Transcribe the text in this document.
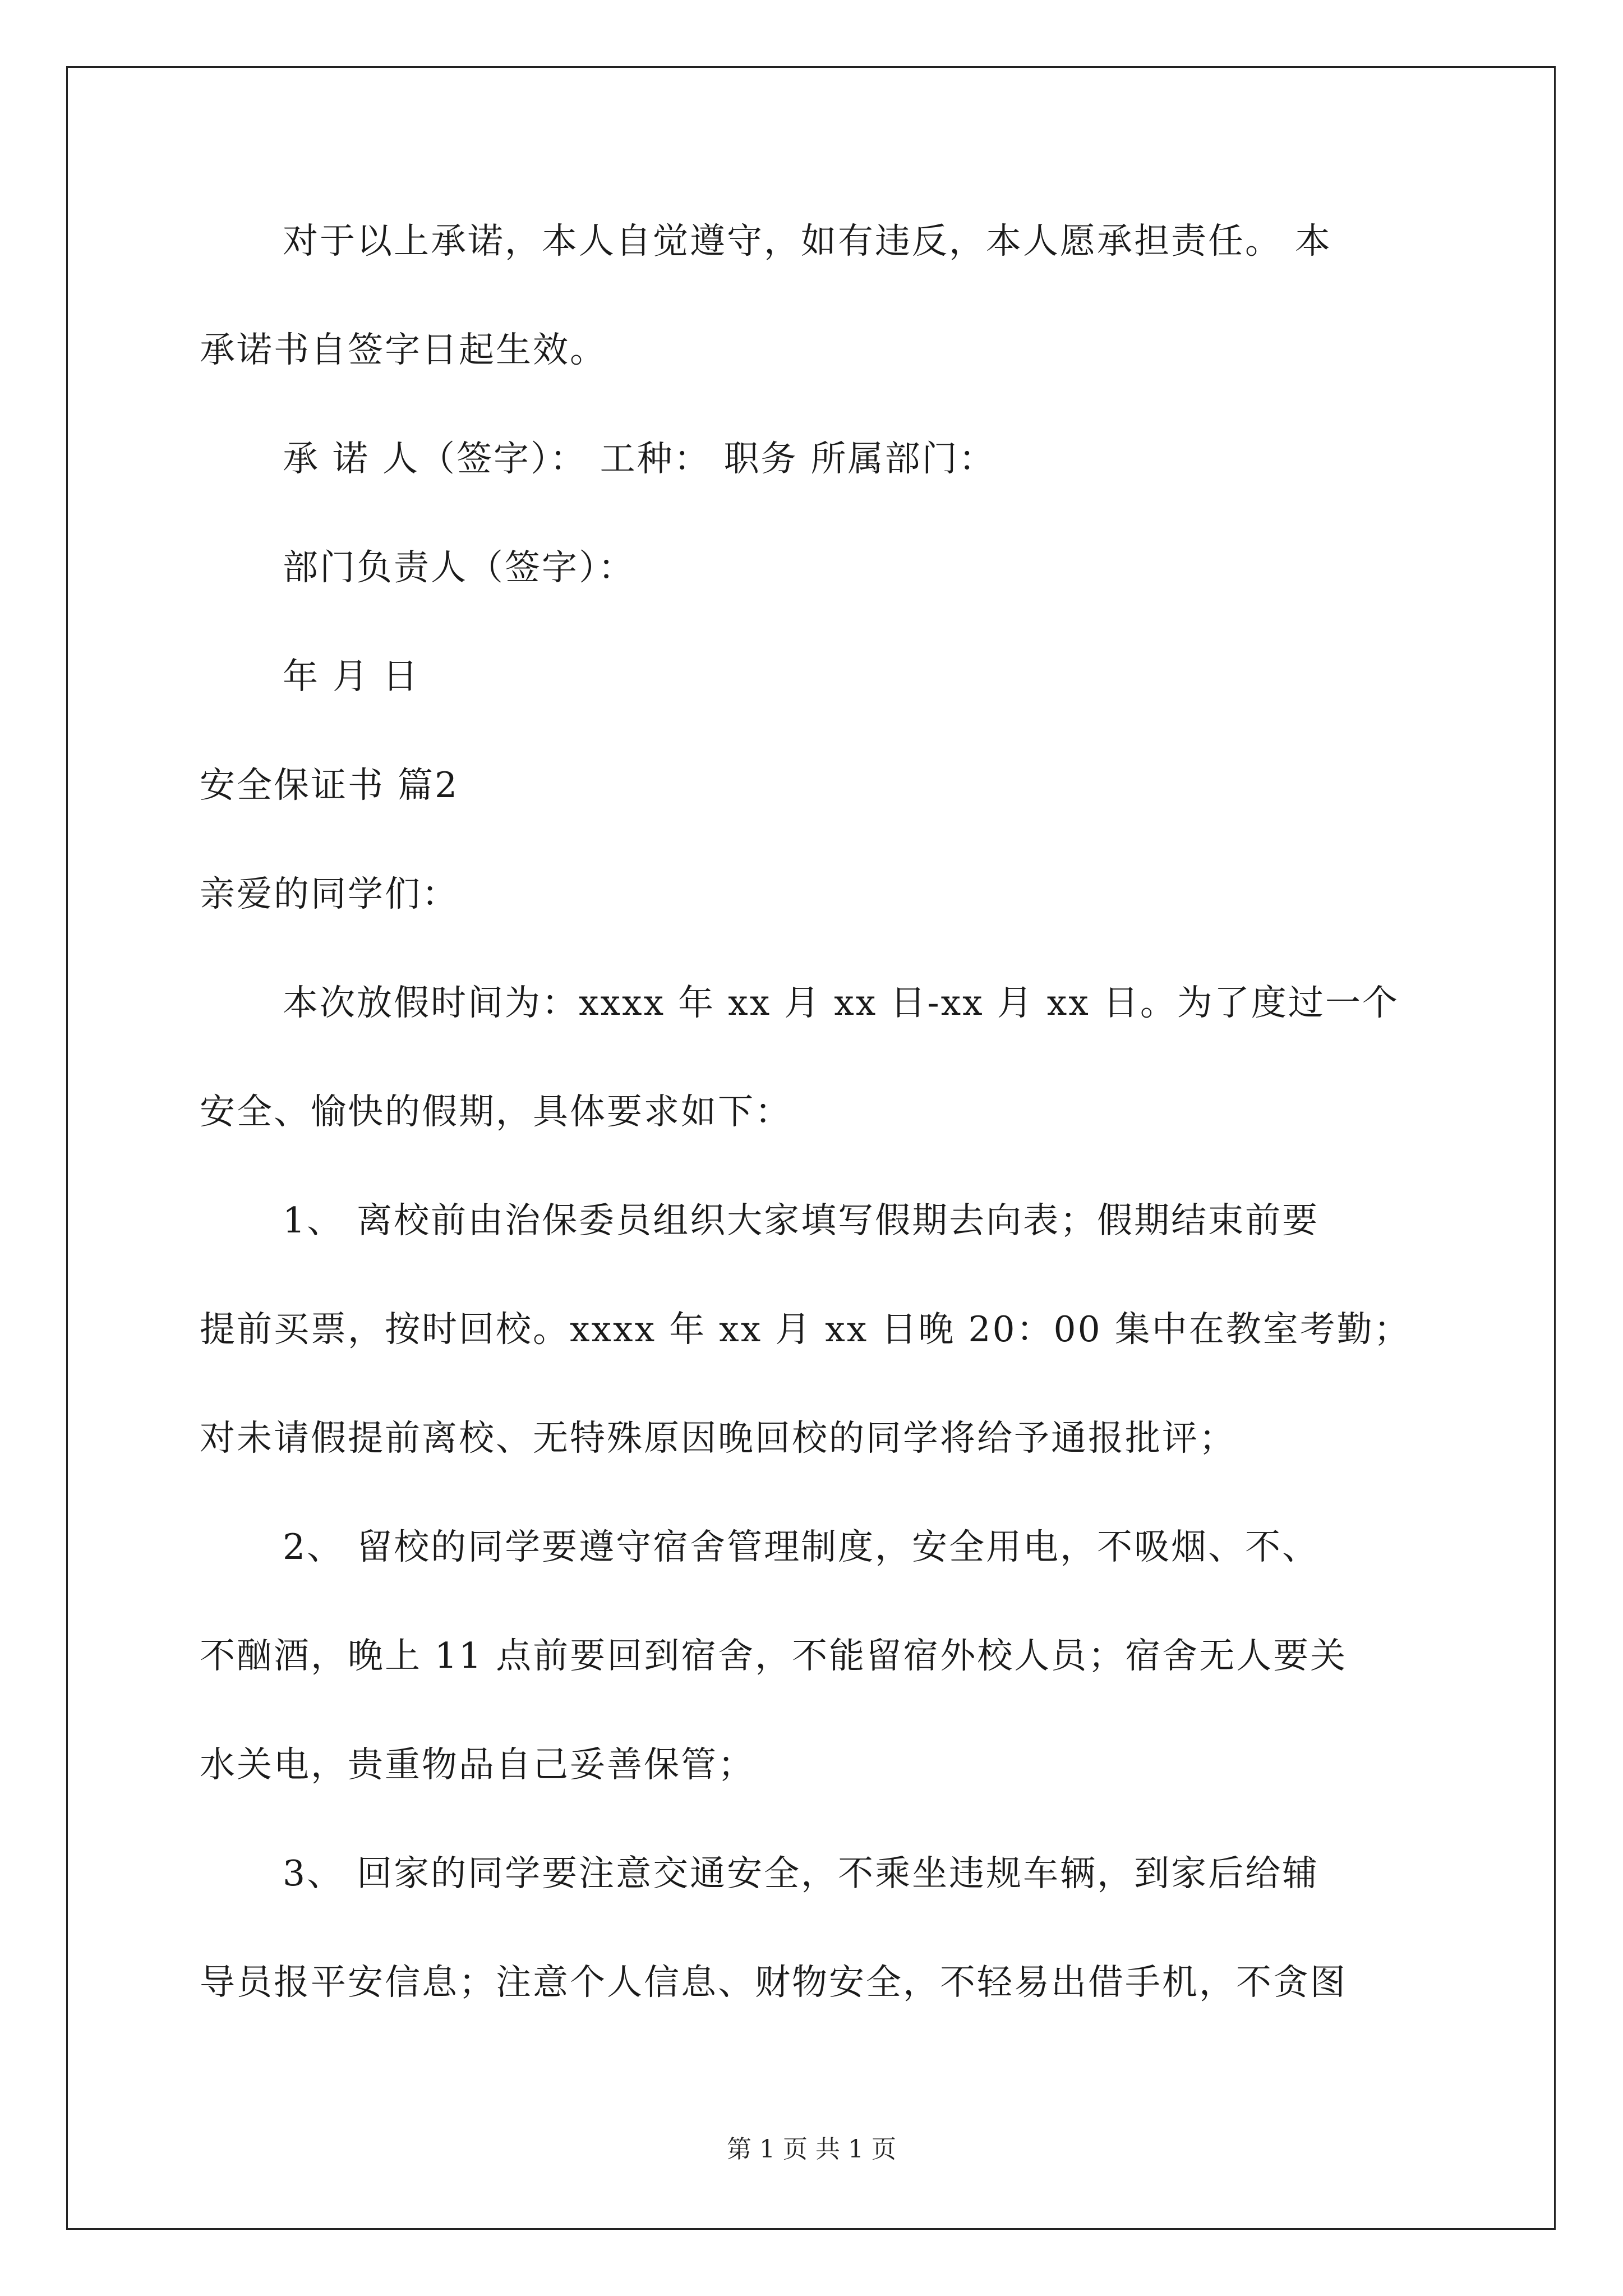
对于以上承诺，本人自觉遵守，如有违反，本人愿承担责任。 本
承诺书自签字日起生效。
承 诺 人（签字）： 工种： 职务 所属部门：
部门负责人（签字）：
年 月 日
安全保证书 篇2
亲爱的同学们：
本次放假时间为：xxxx 年 xx 月 xx 日-xx 月 xx 日。为了度过一个
安全、愉快的假期，具体要求如下：
1、 离校前由治保委员组织大家填写假期去向表；假期结束前要
提前买票，按时回校。xxxx 年 xx 月 xx 日晚 20：00 集中在教室考勤；
对未请假提前离校、无特殊原因晚回校的同学将给予通报批评；
2、 留校的同学要遵守宿舍管理制度，安全用电，不吸烟、不、
不酗酒，晚上 11 点前要回到宿舍，不能留宿外校人员；宿舍无人要关
水关电，贵重物品自己妥善保管；
3、 回家的同学要注意交通安全，不乘坐违规车辆，到家后给辅
导员报平安信息；注意个人信息、财物安全，不轻易出借手机，不贪图
第 1 页 共 1 页
